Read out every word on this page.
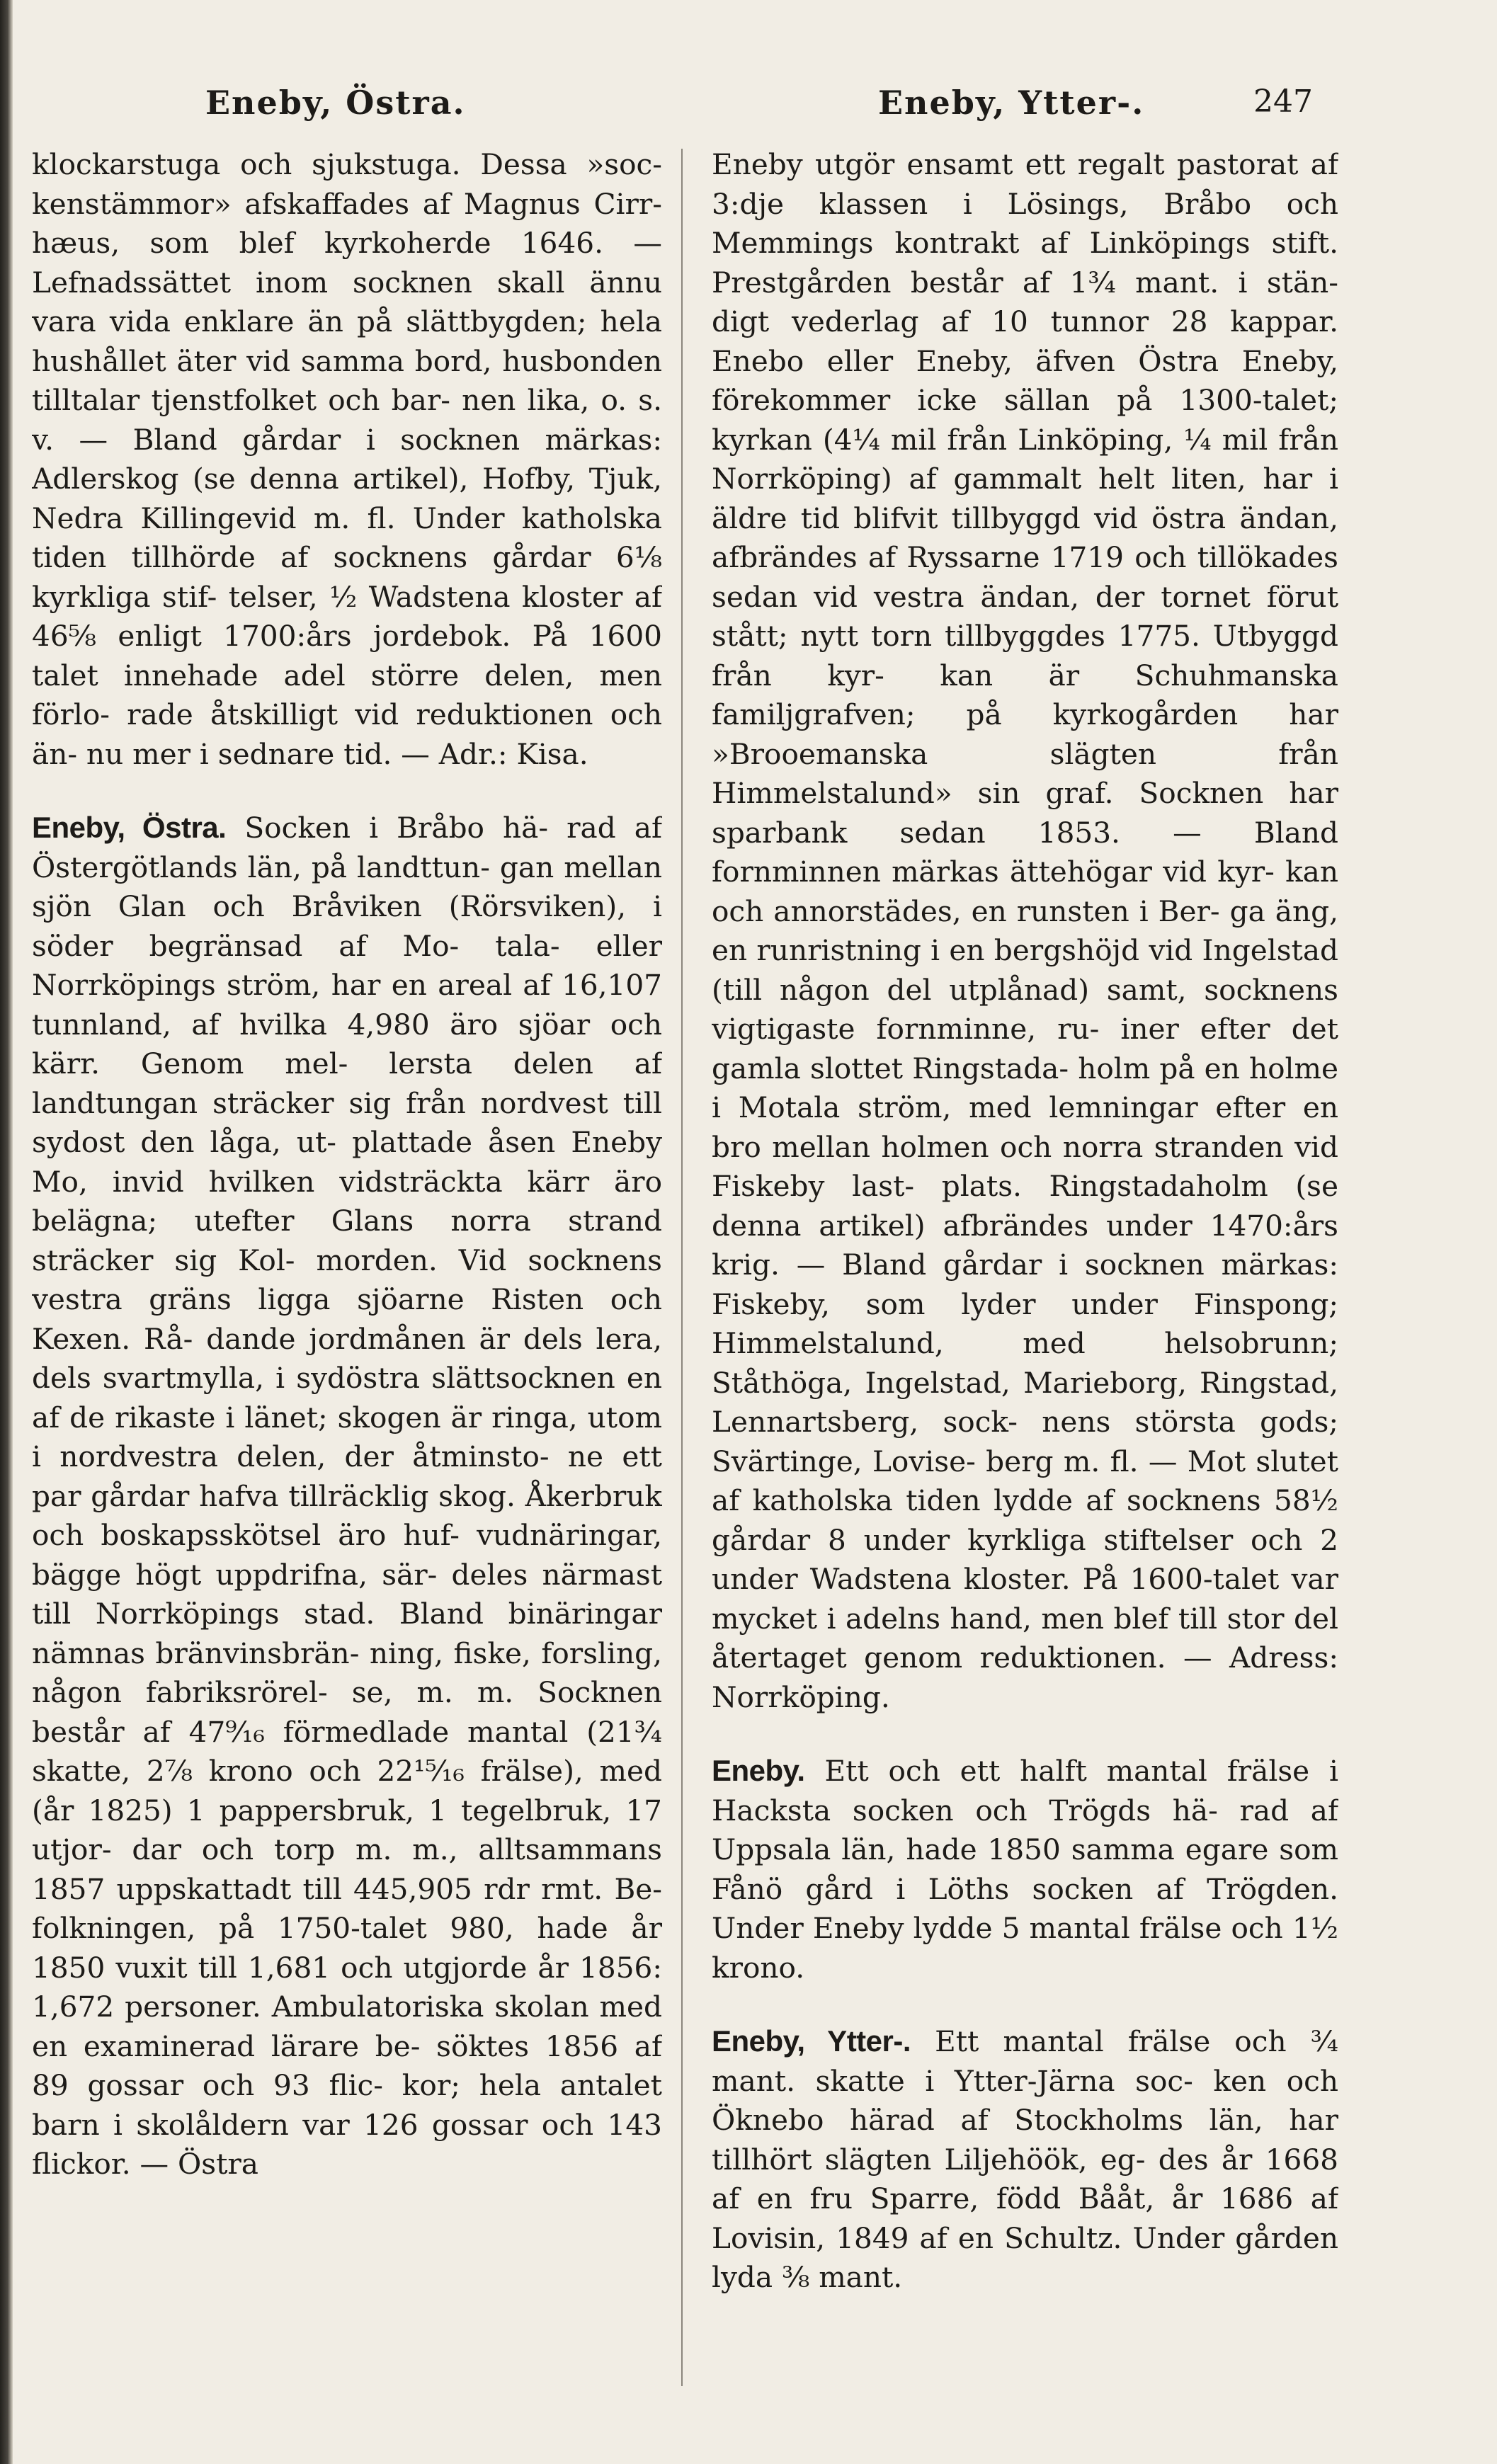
Eneby, Östra.	Eneby, Ytter-.	247

klockarstuga och sjukstuga. Dessa »soc- kenstämmor» afskaffades af Magnus Cirr- hæus, som blef kyrkoherde 1646. — Lefnadssättet inom socknen skall ännu vara vida enklare än på slättbygden; hela hushållet äter vid samma bord, husbonden tilltalar tjenstfolket och bar- nen lika, o. s. v. — Bland gårdar i socknen märkas: Adlerskog (se denna artikel), Hofby, Tjuk, Nedra Killingevid m. fl. Under katholska tiden tillhörde af socknens gårdar 6⅛ kyrkliga stif- telser, ½ Wadstena kloster af 46⅝ enligt 1700:års jordebok. På 1600 talet innehade adel större delen, men förlo- rade åtskilligt vid reduktionen och än- nu mer i sednare tid. — Adr.: Kisa.

Eneby, Östra. Socken i Bråbo hä- rad af Östergötlands län, på landttun- gan mellan sjön Glan och Bråviken (Rörsviken), i söder begränsad af Mo- tala- eller Norrköpings ström, har en areal af 16,107 tunnland, af hvilka 4,980 äro sjöar och kärr. Genom mel- lersta delen af landtungan sträcker sig från nordvest till sydost den låga, ut- plattade åsen Eneby Mo, invid hvilken vidsträckta kärr äro belägna; utefter Glans norra strand sträcker sig Kol- morden. Vid socknens vestra gräns ligga sjöarne Risten och Kexen. Rå- dande jordmånen är dels lera, dels svartmylla, i sydöstra slättsocknen en af de rikaste i länet; skogen är ringa, utom i nordvestra delen, der åtminsto- ne ett par gårdar hafva tillräcklig skog. Åkerbruk och boskapsskötsel äro huf- vudnäringar, bägge högt uppdrifna, sär- deles närmast till Norrköpings stad. Bland binäringar nämnas bränvinsbrän- ning, fiske, forsling, någon fabriksrörel- se, m. m. Socknen består af 47⁹⁄₁₆ förmedlade mantal (21¾ skatte, 2⅞ krono och 22¹⁵⁄₁₆ frälse), med (år 1825) 1 pappersbruk, 1 tegelbruk, 17 utjor- dar och torp m. m., alltsammans 1857 uppskattadt till 445,905 rdr rmt. Be- folkningen, på 1750-talet 980, hade år 1850 vuxit till 1,681 och utgjorde år 1856: 1,672 personer. Ambulatoriska skolan med en examinerad lärare be- söktes 1856 af 89 gossar och 93 flic- kor; hela antalet barn i skolåldern var 126 gossar och 143 flickor. — Östra

Eneby utgör ensamt ett regalt pastorat af 3:dje klassen i Lösings, Bråbo och Memmings kontrakt af Linköpings stift. Prestgården består af 1¾ mant. i stän- digt vederlag af 10 tunnor 28 kappar. Enebo eller Eneby, äfven Östra Eneby, förekommer icke sällan på 1300-talet; kyrkan (4¼ mil från Linköping, ¼ mil från Norrköping) af gammalt helt liten, har i äldre tid blifvit tillbyggd vid östra ändan, afbrändes af Ryssarne 1719 och tillökades sedan vid vestra ändan, der tornet förut stått; nytt torn tillbyggdes 1775. Utbyggd från kyr- kan är Schuhmanska familjgrafven; på kyrkogården har »Brooemanska slägten från Himmelstalund» sin graf. Socknen har sparbank sedan 1853. — Bland fornminnen märkas ättehögar vid kyr- kan och annorstädes, en runsten i Ber- ga äng, en runristning i en bergshöjd vid Ingelstad (till någon del utplånad) samt, socknens vigtigaste fornminne, ru- iner efter det gamla slottet Ringstada- holm på en holme i Motala ström, med lemningar efter en bro mellan holmen och norra stranden vid Fiskeby last- plats. Ringstadaholm (se denna artikel) afbrändes under 1470:års krig. — Bland gårdar i socknen märkas: Fiskeby, som lyder under Finspong; Himmelstalund, med helsobrunn; Ståthöga, Ingelstad, Marieborg, Ringstad, Lennartsberg, sock- nens största gods; Svärtinge, Lovise- berg m. fl. — Mot slutet af katholska tiden lydde af socknens 58½ gårdar 8 under kyrkliga stiftelser och 2 under Wadstena kloster. På 1600-talet var mycket i adelns hand, men blef till stor del återtaget genom reduktionen. — Adress: Norrköping.

Eneby. Ett och ett halft mantal frälse i Hacksta socken och Trögds hä- rad af Uppsala län, hade 1850 samma egare som Fånö gård i Löths socken af Trögden. Under Eneby lydde 5 mantal frälse och 1½ krono.

Eneby, Ytter-. Ett mantal frälse och ¾ mant. skatte i Ytter-Järna soc- ken och Öknebo härad af Stockholms län, har tillhört slägten Liljehöök, eg- des år 1668 af en fru Sparre, född Bååt, år 1686 af Lovisin, 1849 af en Schultz. Under gården lyda ⅜ mant.
